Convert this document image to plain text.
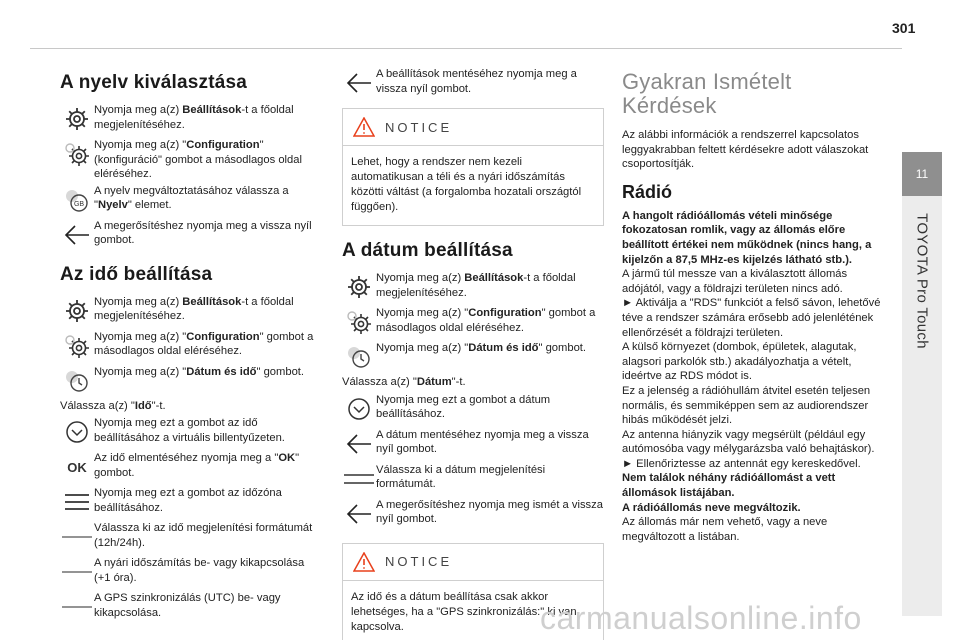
301
11
TOYOTA Pro Touch
A nyelv kiválasztása
Nyomja meg a(z) Beállítások-t a főoldal megjelenítéséhez.
Nyomja meg a(z) "Configuration" (konfiguráció" gombot a másodlagos oldal eléréséhez.
GB
A nyelv megváltoztatásához válassza a "Nyelv" elemet.
A megerősítéshez nyomja meg a vissza nyíl gombot.
Az idő beállítása
Nyomja meg a(z) Beállítások-t a főoldal megjelenítéséhez.
Nyomja meg a(z) "Configuration" gombot a másodlagos oldal eléréséhez.
Nyomja meg a(z) "Dátum és idő" gombot.

Válassza a(z) "Idő"-t.

Nyomja meg ezt a gombot az idő beállításához a virtuális billentyűzeten.
OK
Az idő elmentéséhez nyomja meg a "OK" gombot.
Nyomja meg ezt a gombot az időzóna beállításához.
Válassza ki az idő megjelenítési formátumát (12h/24h).
A nyári időszámítás be- vagy kikapcsolása (+1 óra).
A GPS szinkronizálás (UTC) be- vagy kikapcsolása.
A beállítások mentéséhez nyomja meg a vissza nyíl gombot.
NOTICE
Lehet, hogy a rendszer nem kezeli automatikusan a téli és a nyári időszámítás közötti váltást (a forgalomba hozatali országtól függően).
A dátum beállítása
Nyomja meg a(z) Beállítások-t a főoldal megjelenítéséhez.
Nyomja meg a(z) "Configuration" gombot a másodlagos oldal eléréséhez.
Nyomja meg a(z) "Dátum és idő" gombot.

Válassza a(z) "Dátum"-t.

Nyomja meg ezt a gombot a dátum beállításához.
A dátum mentéséhez nyomja meg a vissza nyíl gombot.
Válassza ki a dátum megjelenítési formátumát.
A megerősítéshez nyomja meg ismét a vissza nyíl gombot.
NOTICE
Az idő és a dátum beállítása csak akkor lehetséges, ha a "GPS szinkronizálás:" ki van kapcsolva.
Gyakran Ismételt Kérdések

Az alábbi információk a rendszerrel kapcsolatos leggyakrabban feltett kérdésekre adott válaszokat csoportosítják.

Rádió

A hangolt rádióállomás vételi minősége fokozatosan romlik, vagy az állomás előre beállított értékei nem működnek (nincs hang, a kijelzőn a 87,5 MHz-es kijelzés látható stb.).

A jármű túl messze van a kiválasztott állomás adójától, vagy a földrajzi területen nincs adó.

► Aktiválja a "RDS" funkciót a felső sávon, lehetővé téve a rendszer számára erősebb adó jelenlétének ellenőrzését a földrajzi területen.

A külső környezet (dombok, épületek, alagutak, alagsori parkolók stb.) akadályozhatja a vételt, ideértve az RDS módot is.

Ez a jelenség a rádióhullám átvitel esetén teljesen normális, és semmiképpen sem az audiorendszer hibás működését jelzi.

Az antenna hiányzik vagy megsérült (például egy autómosóba vagy mélygarázsba való behajtáskor).

► Ellenőriztesse az antennát egy kereskedővel.

Nem találok néhány rádióállomást a vett állomások listájában.

A rádióállomás neve megváltozik.

Az állomás már nem vehető, vagy a neve megváltozott a listában.

carmanualsonline.info
